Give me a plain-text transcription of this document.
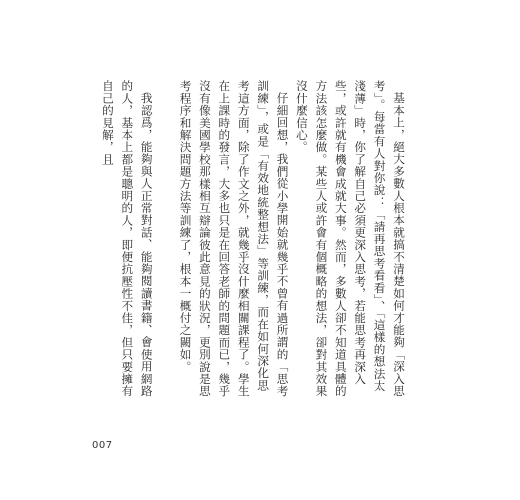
基本上，絕大多數人根本就搞不清楚如何才能夠「深入思考」。每當有人對你說：「請再思考看看」、「這樣的想法太淺薄」時，你了解自己必須更深入思考，若能思考再深入些，或許就有機會成就大事。然而，多數人卻不知道具體的方法該怎麼做。某些人或許會有個概略的想法，卻對其效果沒什麼信心。

仔細回想，我們從小學開始就幾乎不曾有過所謂的「思考訓練」，或是「有效地統整想法」等訓練，而在如何深化思考這方面，除了作文之外，就幾乎沒什麼相關課程了。學生在上課時的發言，大多也只是在回答老師的問題而已，幾乎沒有像美國學校那樣相互辯論彼此意見的狀況，更別說是思考程序和解決問題方法等訓練了，根本一概付之闕如。

我認爲，能夠與人正常對話、能夠閱讀書籍、會使用網路的人，基本上都是聰明的人，即便抗壓性不佳，但只要擁有自己的見解，且

007
